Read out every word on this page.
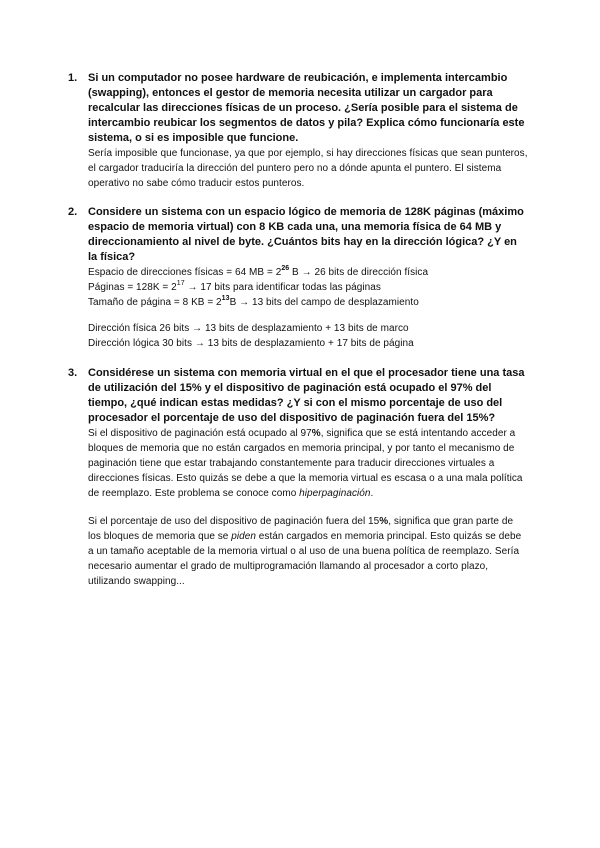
1. Si un computador no posee hardware de reubicación, e implementa intercambio (swapping), entonces el gestor de memoria necesita utilizar un cargador para recalcular las direcciones físicas de un proceso. ¿Sería posible para el sistema de intercambio reubicar los segmentos de datos y pila? Explica cómo funcionaría este sistema, o si es imposible que funcione.
Sería imposible que funcionase, ya que por ejemplo, si hay direcciones físicas que sean punteros, el cargador traduciría la dirección del puntero pero no a dónde apunta el puntero. El sistema operativo no sabe cómo traducir estos punteros.
2. Considere un sistema con un espacio lógico de memoria de 128K páginas (máximo espacio de memoria virtual) con 8 KB cada una, una memoria física de 64 MB y direccionamiento al nivel de byte. ¿Cuántos bits hay en la dirección lógica? ¿Y en la física?
Espacio de direcciones físicas = 64 MB = $2^{26}$ B → 26 bits de dirección física
Páginas = $128K = 2^{17} \to 17$ bits para identificar todas las páginas
Tamaño de página = 8 KB = $2^{13}B \to 13$ bits del campo de desplazamiento
Dirección física 26 bits → 13 bits de desplazamiento + 13 bits de marco
Dirección lógica 30 bits → 13 bits de desplazamiento + 17 bits de página
3. Considérese un sistema con memoria virtual en el que el procesador tiene una tasa de utilización del 15% y el dispositivo de paginación está ocupado el 97% del tiempo, ¿qué indican estas medidas? ¿Y si con el mismo porcentaje de uso del procesador el porcentaje de uso del dispositivo de paginación fuera del 15%?
Si el dispositivo de paginación está ocupado al 97%, significa que se está intentando acceder a bloques de memoria que no están cargados en memoria principal, y por tanto el mecanismo de paginación tiene que estar trabajando constantemente para traducir direcciones virtuales a direcciones físicas. Esto quizás se debe a que la memoria virtual es escasa o a una mala política de reemplazo. Este problema se conoce como hiperpaginación.
Si el porcentaje de uso del dispositivo de paginación fuera del 15%, significa que gran parte de los bloques de memoria que se piden están cargados en memoria principal. Esto quizás se debe a un tamaño aceptable de la memoria virtual o al uso de una buena política de reemplazo. Sería necesario aumentar el grado de multiprogramación llamando al procesador a corto plazo, utilizando swapping...
